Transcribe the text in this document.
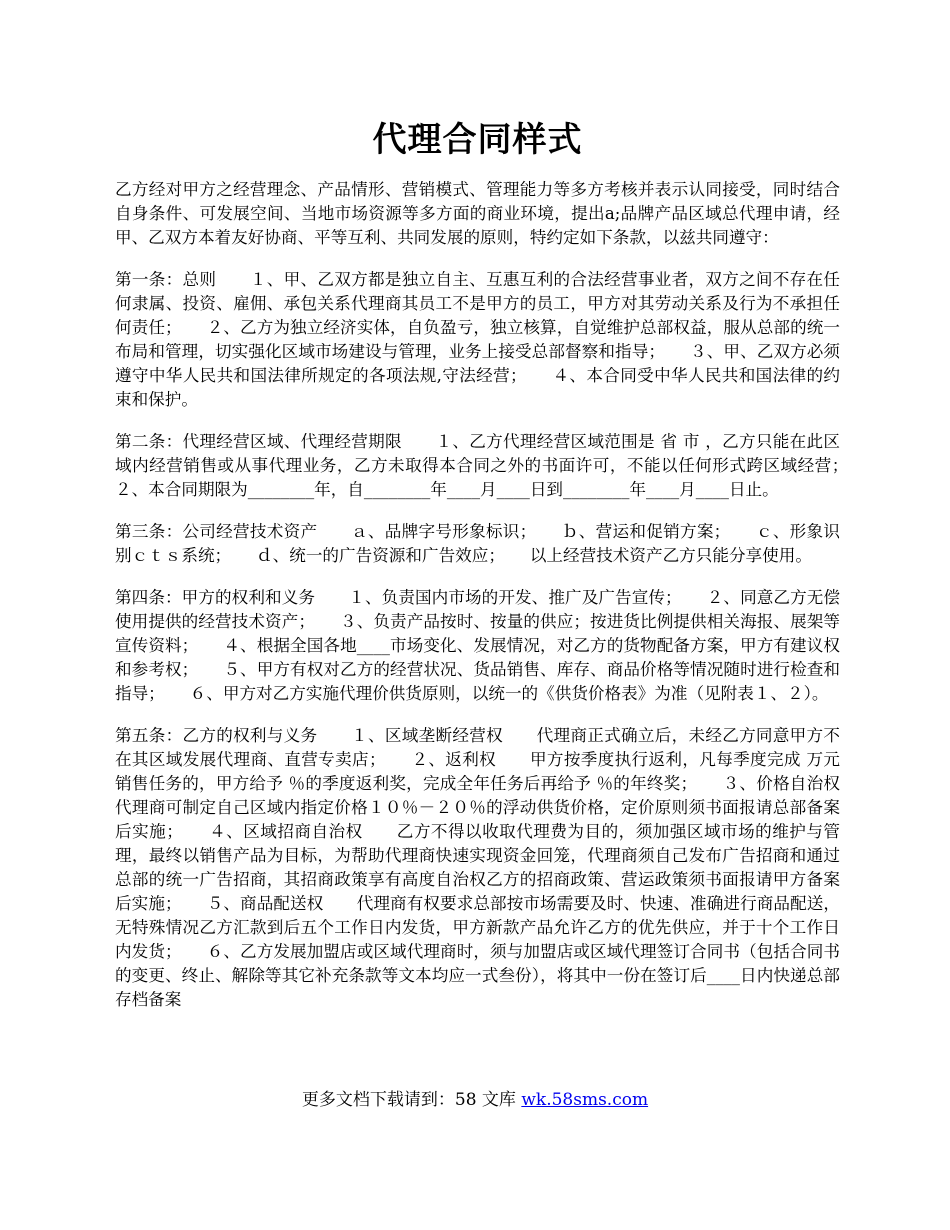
代理合同样式

乙方经对甲方之经营理念、产品情形、营销模式、管理能力等多方考核并表示认同接受，同时结合自身条件、可发展空间、当地市场资源等多方面的商业环境，提出a;品牌产品区域总代理申请，经甲、乙双方本着友好协商、平等互利、共同发展的原则，特约定如下条款，以兹共同遵守：

第一条：总则　　１、甲、乙双方都是独立自主、互惠互利的合法经营事业者，双方之间不存在任何隶属、投资、雇佣、承包关系代理商其员工不是甲方的员工，甲方对其劳动关系及行为不承担任何责任；　　２、乙方为独立经济实体，自负盈亏，独立核算，自觉维护总部权益，服从总部的统一布局和管理，切实强化区域市场建设与管理，业务上接受总部督察和指导；　　３、甲、乙双方必须遵守中华人民共和国法律所规定的各项法规,守法经营；　　４、本合同受中华人民共和国法律的约束和保护。

第二条：代理经营区域、代理经营期限　　１、乙方代理经营区域范围是 省 市 ，乙方只能在此区域内经营销售或从事代理业务，乙方未取得本合同之外的书面许可，不能以任何形式跨区域经营；　　２、本合同期限为________年，自________年____月____日到________年____月____日止。

第三条：公司经营技术资产　　ａ、品牌字号形象标识；　　ｂ、营运和促销方案；　　ｃ、形象识别ｃｔｓ系统；　　ｄ、统一的广告资源和广告效应；　　以上经营技术资产乙方只能分享使用。

第四条：甲方的权利和义务　　１、负责国内市场的开发、推广及广告宣传；　　２、同意乙方无偿使用提供的经营技术资产；　　３、负责产品按时、按量的供应；按进货比例提供相关海报、展架等宣传资料；　　４、根据全国各地____市场变化、发展情况，对乙方的货物配备方案，甲方有建议权和参考权；　　５、甲方有权对乙方的经营状况、货品销售、库存、商品价格等情况随时进行检查和指导；　　６、甲方对乙方实施代理价供货原则，以统一的《供货价格表》为准（见附表１、２）。

第五条：乙方的权利与义务　　１、区域垄断经营权　　代理商正式确立后，未经乙方同意甲方不在其区域发展代理商、直营专卖店；　　２、返利权　　甲方按季度执行返利，凡每季度完成 万元销售任务的，甲方给予 ％的季度返利奖，完成全年任务后再给予 ％的年终奖；　　３、价格自治权　　代理商可制定自己区域内指定价格１０％－２０％的浮动供货价格，定价原则须书面报请总部备案后实施；　　４、区域招商自治权　　乙方不得以收取代理费为目的，须加强区域市场的维护与管理，最终以销售产品为目标，为帮助代理商快速实现资金回笼，代理商须自己发布广告招商和通过总部的统一广告招商，其招商政策享有高度自治权乙方的招商政策、营运政策须书面报请甲方备案后实施；　　５、商品配送权　　代理商有权要求总部按市场需要及时、快速、准确进行商品配送，无特殊情况乙方汇款到后五个工作日内发货，甲方新款产品允许乙方的优先供应，并于十个工作日内发货；　　６、乙方发展加盟店或区域代理商时，须与加盟店或区域代理签订合同书（包括合同书的变更、终止、解除等其它补充条款等文本均应一式叁份），将其中一份在签订后____日内快递总部存档备案

更多文档下载请到：58 文库 wk.58sms.com
